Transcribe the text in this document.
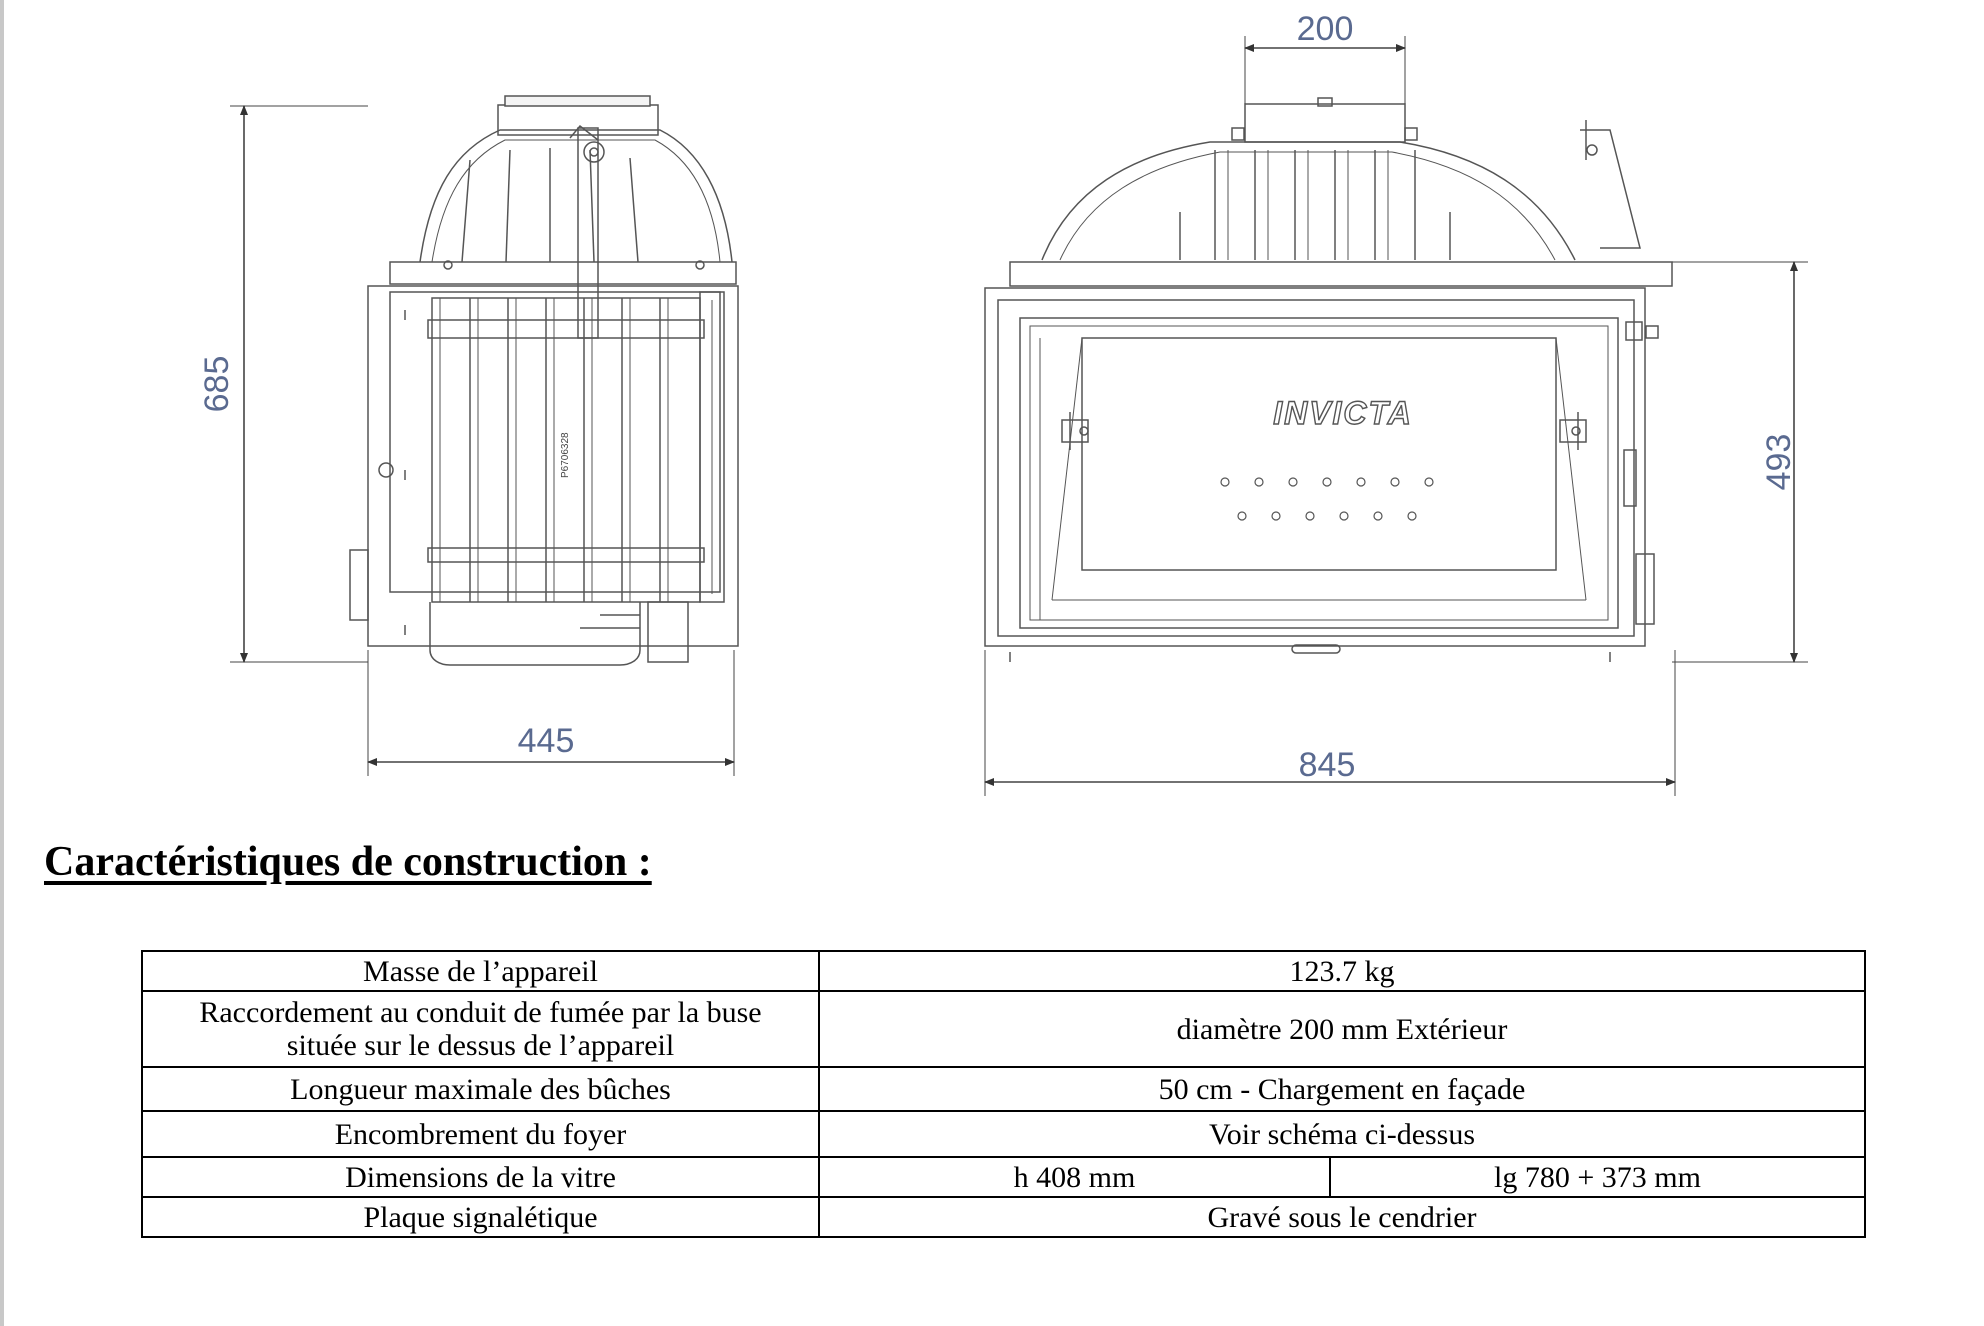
P6706328
685
445
INVICTA
200
493
845
Caractéristiques de construction :
Masse de l’appareil	123.7 kg	

Raccordement au conduit de fumée par la buse
située sur le dessus de l’appareil	diamètre 200 mm Extérieur	
Longueur maximale des bûches	50 cm - Chargement en façade	
Encombrement du foyer	Voir schéma ci-dessus	
Dimensions de la vitre	h 408 mm	lg 780 + 373 mm
Plaque signalétique	Gravé sous le cendrier	
